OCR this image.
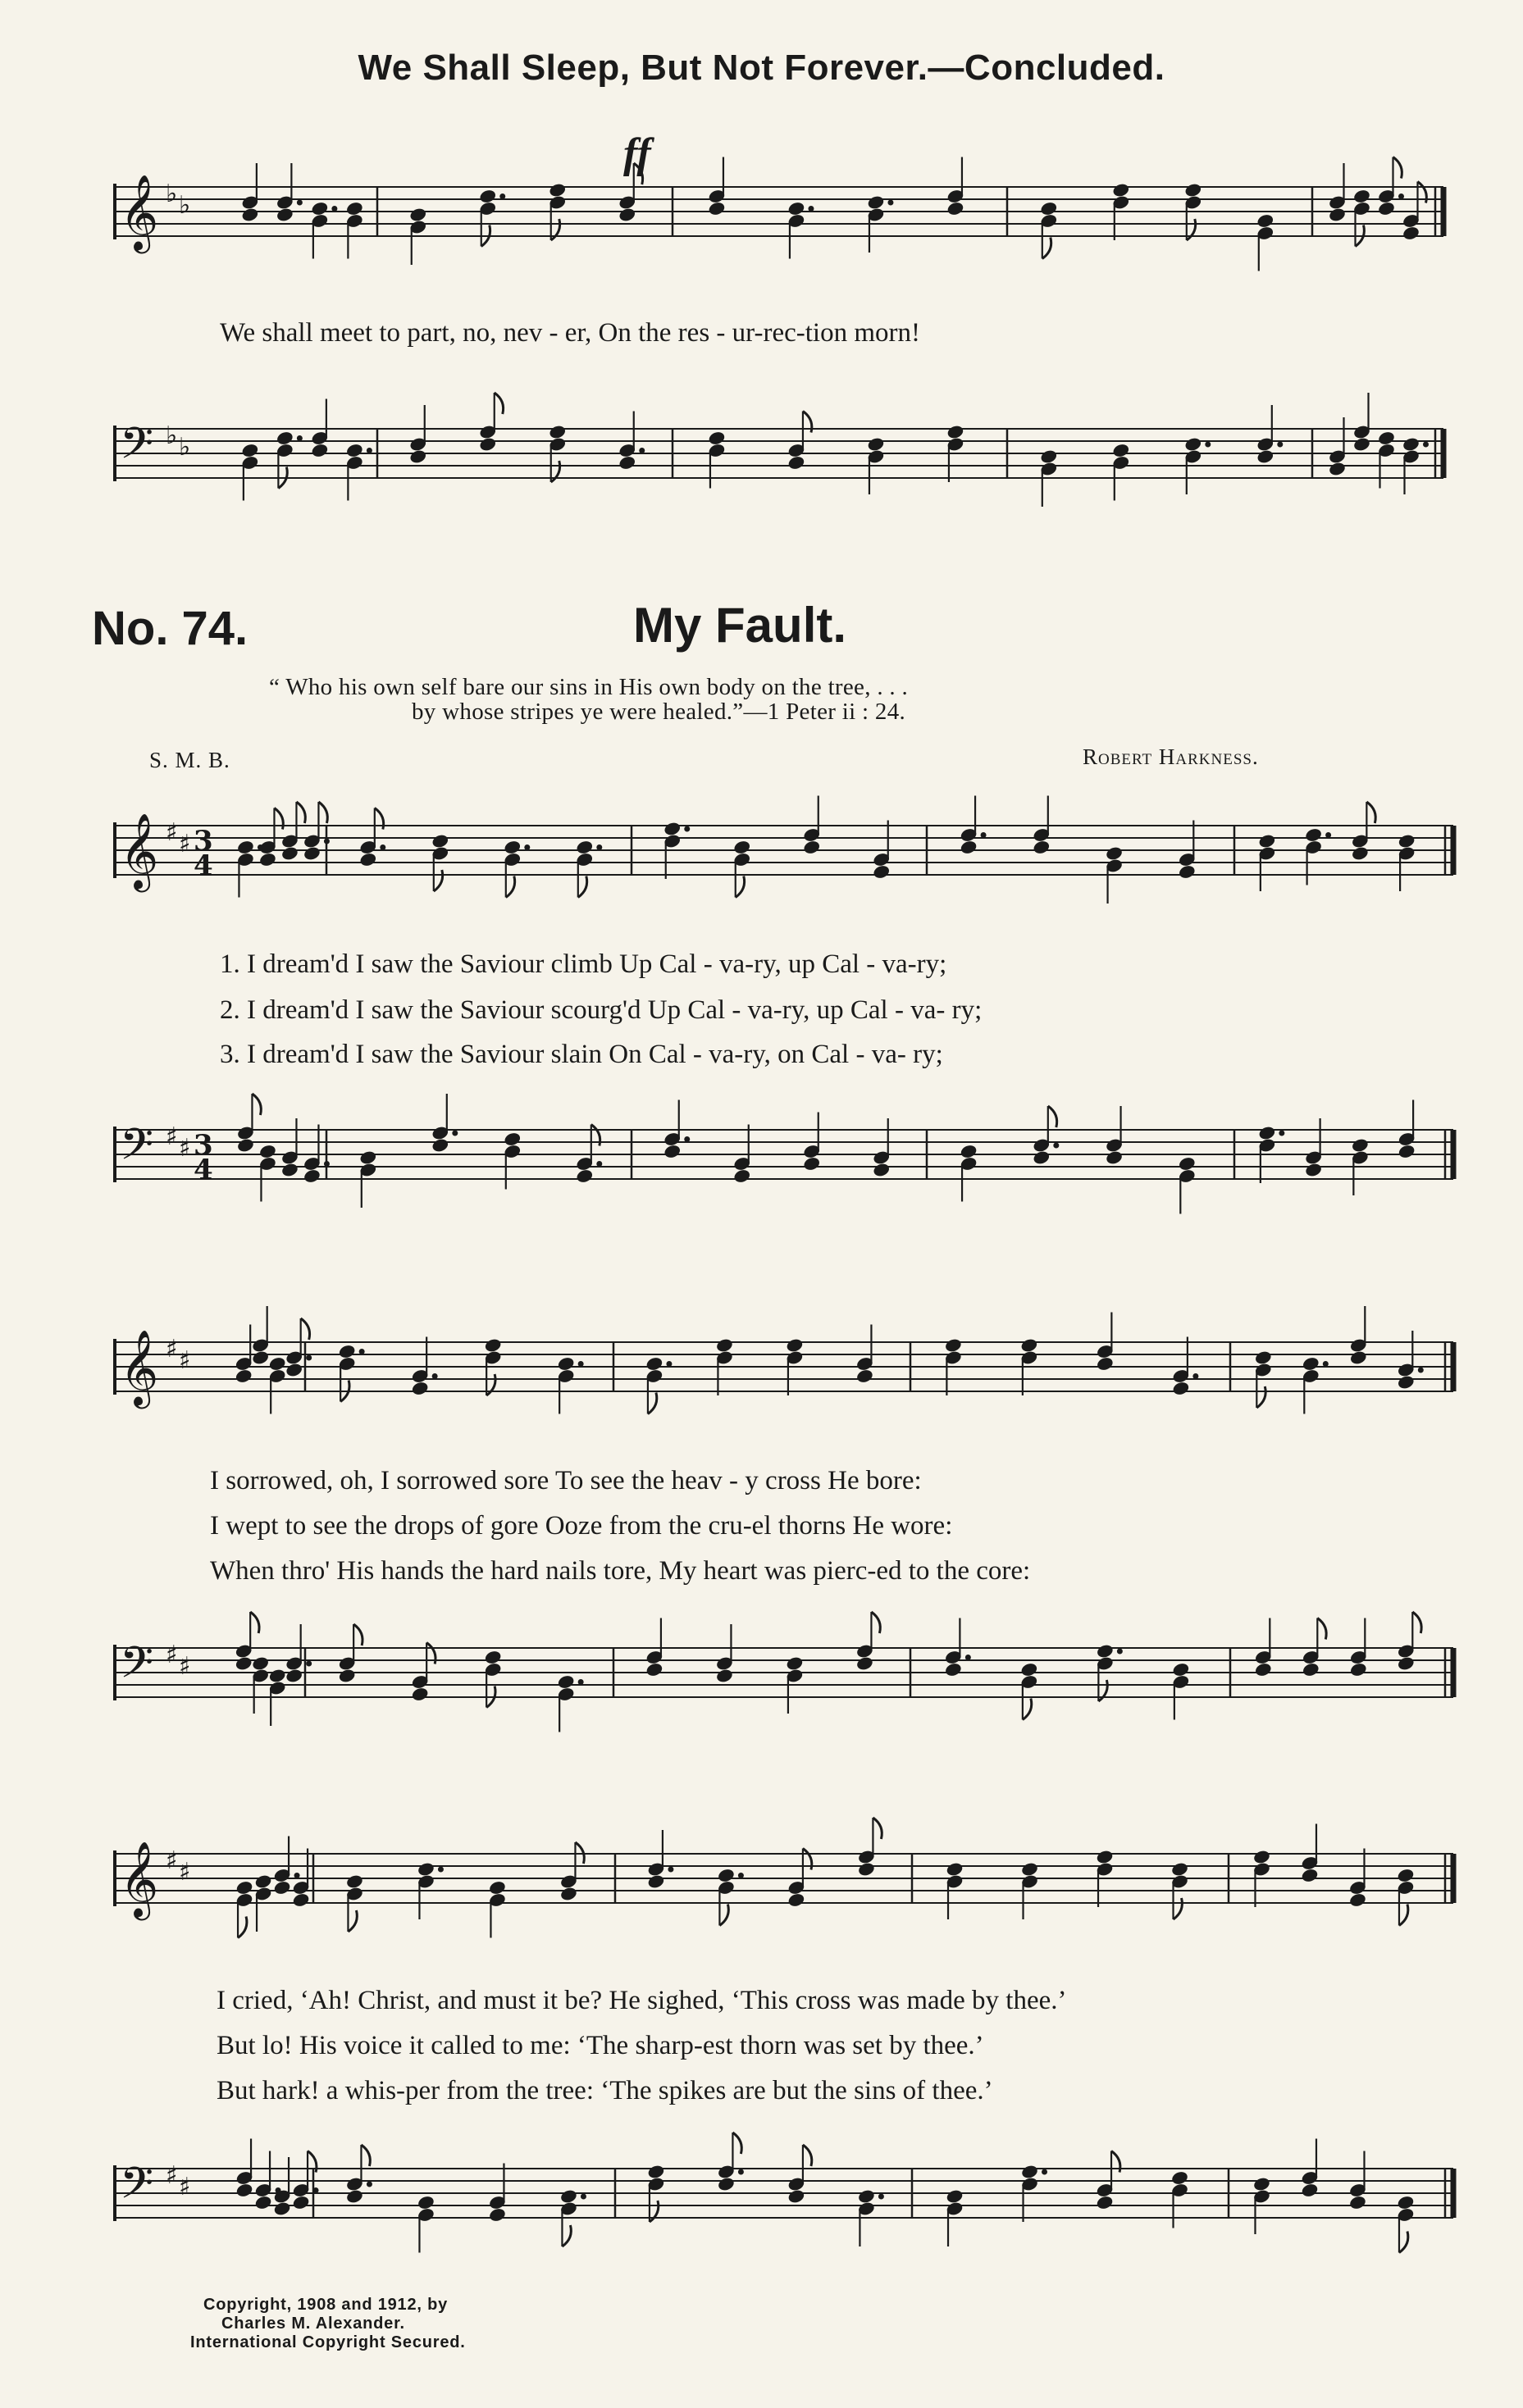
We Shall Sleep, But Not Forever.—Concluded.
𝄞 ♭ ♭
𝄢 ♭ ♭
𝄞 ♯ ♯ 3
4
𝄢 ♯ ♯ 3
4
𝄞 ♯ ♯
𝄢 ♯ ♯
𝄞 ♯ ♯
𝄢 ♯ ♯
ff
We shall meet to part, no, nev - er, On the res - ur-rec-tion morn!
No. 74.	My Fault.
“ Who his own self bare our sins in His own body on the tree, . . .
by whose stripes ye were healed.”—1 Peter ii : 24.
S. M. B.	Robert Harkness.
1. I dream'd I saw the Saviour climb Up Cal - va-ry, up Cal - va-ry;
2. I dream'd I saw the Saviour scourg'd Up Cal - va-ry, up Cal - va- ry;
3. I dream'd I saw the Saviour slain On Cal - va-ry, on Cal - va- ry;
I sorrowed, oh, I sorrowed sore To see the heav - y cross He bore:
I wept to see the drops of gore Ooze from the cru-el thorns He wore:
When thro' His hands the hard nails tore, My heart was pierc-ed to the core:
I cried, ‘Ah! Christ, and must it be? He sighed, ‘This cross was made by thee.’
But lo! His voice it called to me: ‘The sharp-est thorn was set by thee.’
But hark! a whis-per from the tree: ‘The spikes are but the sins of thee.’
Copyright, 1908 and 1912, by
Charles M. Alexander.
International Copyright Secured.
